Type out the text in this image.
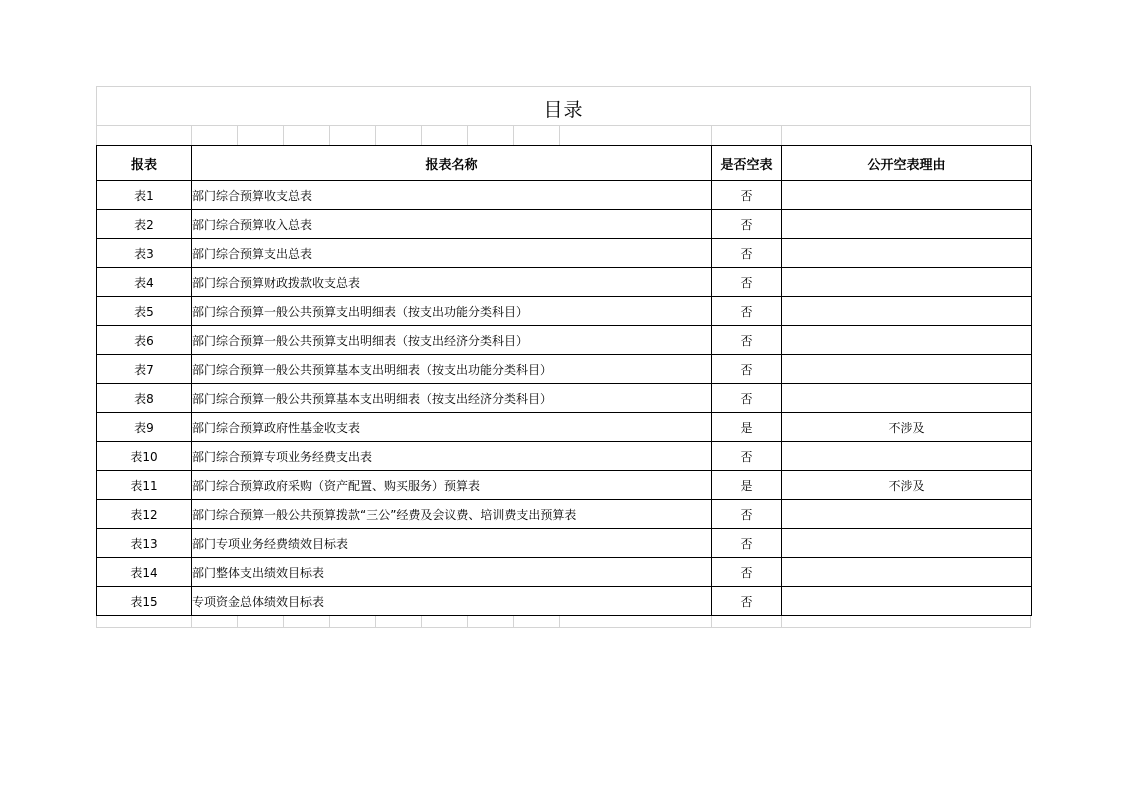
目录
报表	报表名称	是否空表	公开空表理由
表1	部门综合预算收支总表	否	
表2	部门综合预算收入总表	否	
表3	部门综合预算支出总表	否	
表4	部门综合预算财政拨款收支总表	否	
表5	部门综合预算一般公共预算支出明细表（按支出功能分类科目）	否	
表6	部门综合预算一般公共预算支出明细表（按支出经济分类科目）	否	
表7	部门综合预算一般公共预算基本支出明细表（按支出功能分类科目）	否	
表8	部门综合预算一般公共预算基本支出明细表（按支出经济分类科目）	否	
表9	部门综合预算政府性基金收支表	是	不涉及
表10	部门综合预算专项业务经费支出表	否	
表11	部门综合预算政府采购（资产配置、购买服务）预算表	是	不涉及
表12	部门综合预算一般公共预算拨款“三公”经费及会议费、培训费支出预算表	否	
表13	部门专项业务经费绩效目标表	否	
表14	部门整体支出绩效目标表	否	
表15	专项资金总体绩效目标表	否	
